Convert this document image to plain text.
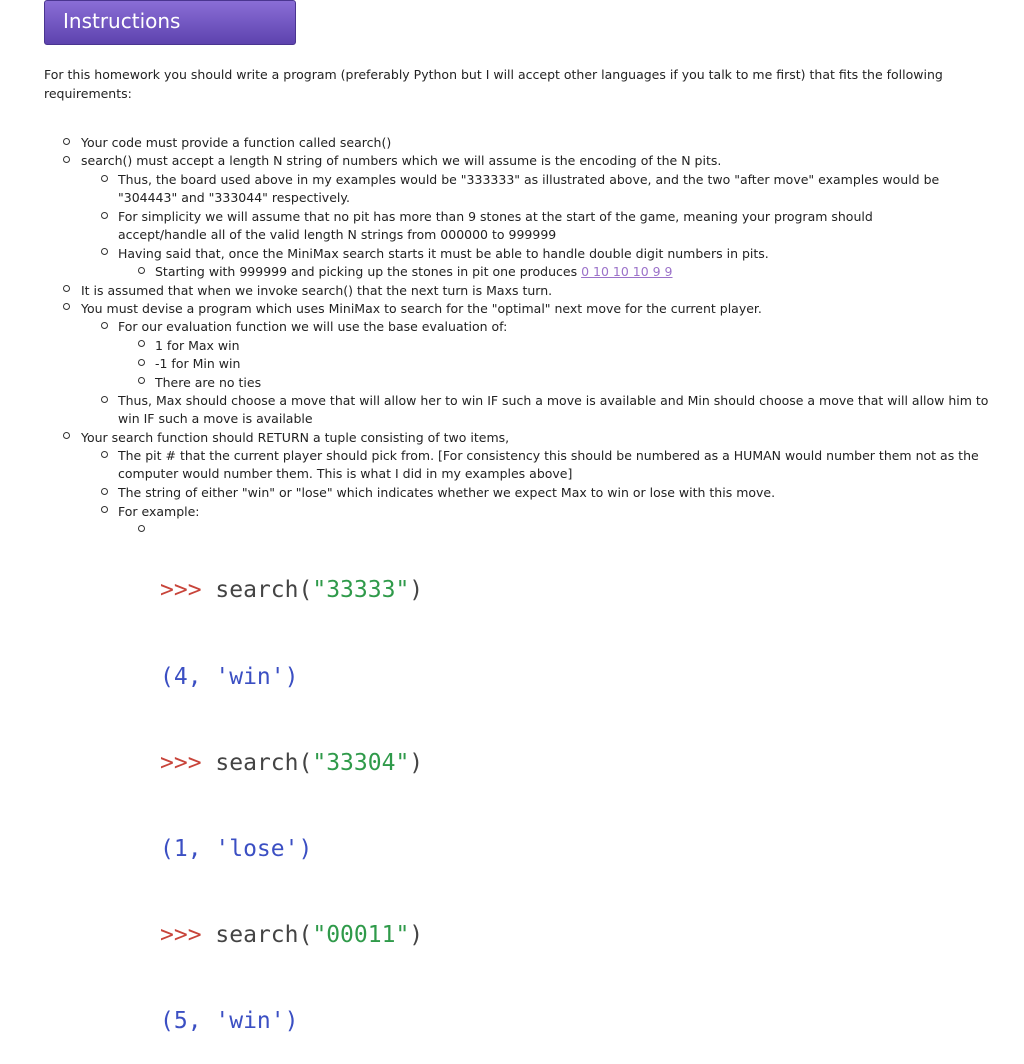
Instructions
For this homework you should write a program (preferably Python but I will accept other languages if you talk to me first) that fits the following requirements:
Your code must provide a function called search()
search() must accept a length N string of numbers which we will assume is the encoding of the N pits.
Thus, the board used above in my examples would be "333333" as illustrated above, and the two "after move" examples would be "304443" and "333044" respectively.
For simplicity we will assume that no pit has more than 9 stones at the start of the game, meaning your program should accept/handle all of the valid length N strings from 000000 to 999999
Having said that, once the MiniMax search starts it must be able to handle double digit numbers in pits.
Starting with 999999 and picking up the stones in pit one produces 0 10 10 10 9 9
It is assumed that when we invoke search() that the next turn is Maxs turn.
You must devise a program which uses MiniMax to search for the "optimal" next move for the current player.
For our evaluation function we will use the base evaluation of:
1 for Max win
-1 for Min win
There are no ties
Thus, Max should choose a move that will allow her to win IF such a move is available and Min should choose a move that will allow him to win IF such a move is available
Your search function should RETURN a tuple consisting of two items,
The pit # that the current player should pick from. [For consistency this should be numbered as a HUMAN would number them not as the computer would number them. This is what I did in my examples above]
The string of either "win" or "lose" which indicates whether we expect Max to win or lose with this move.
For example:

>>> search("33333")

(4, 'win')

>>> search("33304")

(1, 'lose')

>>> search("00011")

(5, 'win')
